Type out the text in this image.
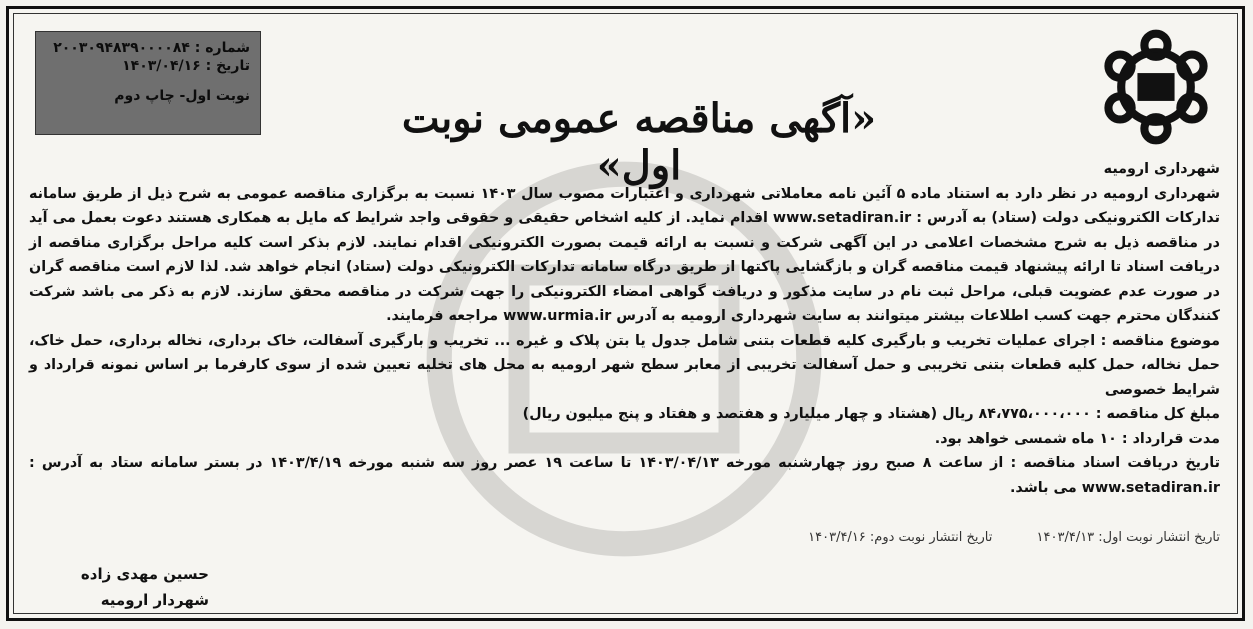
شماره : ۲۰۰۳۰۹۴۸۳۹۰۰۰۰۸۴
تاریخ : ۱۴۰۳/۰۴/۱۶
نوبت اول- چاپ دوم	«آگهی مناقصه عمومی نوبت اول»	شهرداری ارومیه

شهرداری ارومیه در نظر دارد به استناد ماده ۵ آئین نامه معاملاتی شهرداری و اعتبارات مصوب سال ۱۴۰۳ نسبت به برگزاری مناقصه عمومی به شرح ذیل از طریق سامانه تدارکات الکترونیکی دولت (ستاد) به آدرس : www.setadiran.ir اقدام نماید. از کلیه اشخاص حقیقی و حقوقی واجد شرایط که مایل به همکاری هستند دعوت بعمل می آید در مناقصه ذیل به شرح مشخصات اعلامی در این آگهی شرکت و نسبت به ارائه قیمت بصورت الکترونیکی اقدام نمایند. لازم بذکر است کلیه مراحل برگزاری مناقصه از دریافت اسناد تا ارائه پیشنهاد قیمت مناقصه گران و بازگشایی پاکتها از طریق درگاه سامانه تدارکات الکترونیکی دولت (ستاد) انجام خواهد شد. لذا لازم است مناقصه گران در صورت عدم عضویت قبلی، مراحل ثبت نام در سایت مذکور و دریافت گواهی امضاء الکترونیکی را جهت شرکت در مناقصه محقق سازند. لازم به ذکر می باشد شرکت کنندگان محترم جهت کسب اطلاعات بیشتر میتوانند به سایت شهرداری ارومیه به آدرس www.urmia.ir مراجعه فرمایند.

موضوع مناقصه : اجرای عملیات تخریب و بارگیری کلیه قطعات بتنی شامل جدول یا بتن پلاک و غیره ... تخریب و بارگیری آسفالت، خاک برداری، نخاله برداری، حمل خاک، حمل نخاله، حمل کلیه قطعات بتنی تخریبی و حمل آسفالت تخریبی از معابر سطح شهر ارومیه به محل های تخلیه تعیین شده از سوی کارفرما بر اساس نمونه قرارداد و شرایط خصوصی

مبلغ کل مناقصه : ۸۴،۷۷۵،۰۰۰،۰۰۰ ریال (هشتاد و چهار میلیارد و هفتصد و هفتاد و پنج میلیون ریال)

مدت قرارداد : ۱۰ ماه شمسی خواهد بود.

تاریخ دریافت اسناد مناقصه : از ساعت ۸ صبح روز چهارشنبه مورخه ۱۴۰۳/۰۴/۱۳ تا ساعت ۱۹ عصر روز سه شنبه مورخه ۱۴۰۳/۴/۱۹ در بستر سامانه ستاد به آدرس : www.setadiran.ir می باشد.

تاریخ انتشار نوبت اول: ۱۴۰۳/۴/۱۳ تاریخ انتشار نوبت دوم: ۱۴۰۳/۴/۱۶
حسین مهدی زاده
شهردار ارومیه
